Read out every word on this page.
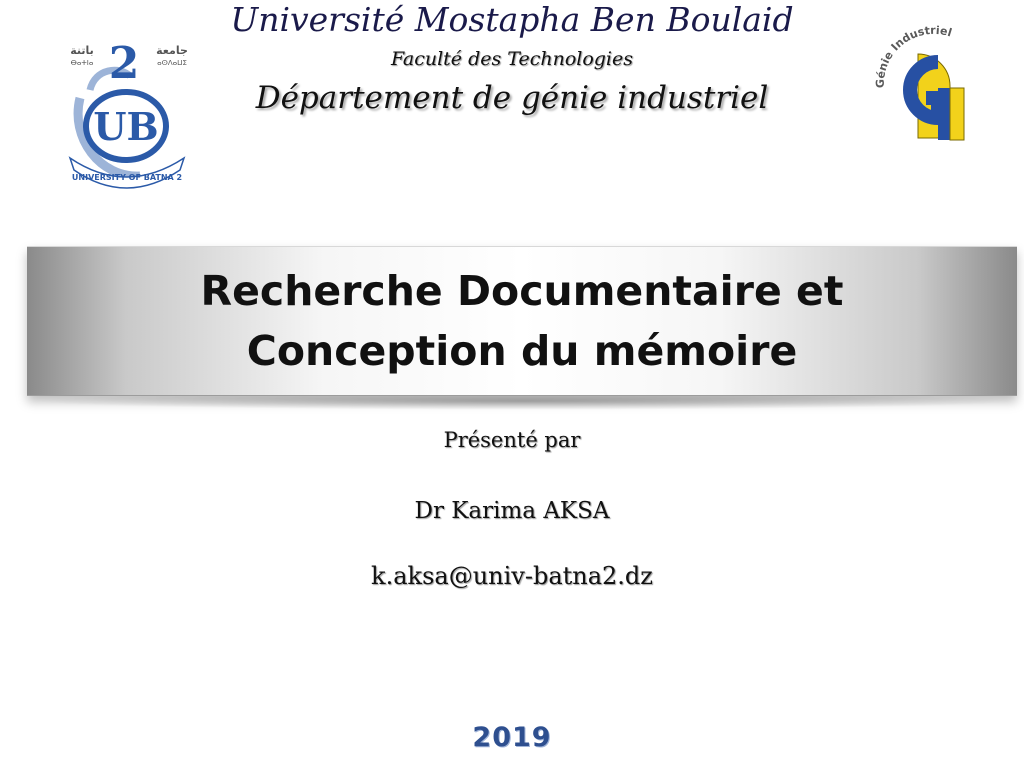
جامعة
باتنة
ⴰⵙⴷⴰⵡⵉ
ⴱⴰⵜⵏⴰ 2
UB
UNIVERSITY OF BATNA 2
Génie Industriel
Université Mostapha Ben Boulaid
Faculté des Technologies
Département de génie industriel
Recherche Documentaire et
Conception du mémoire
Présenté par
Dr Karima AKSA
k.aksa@univ-batna2.dz
2019
